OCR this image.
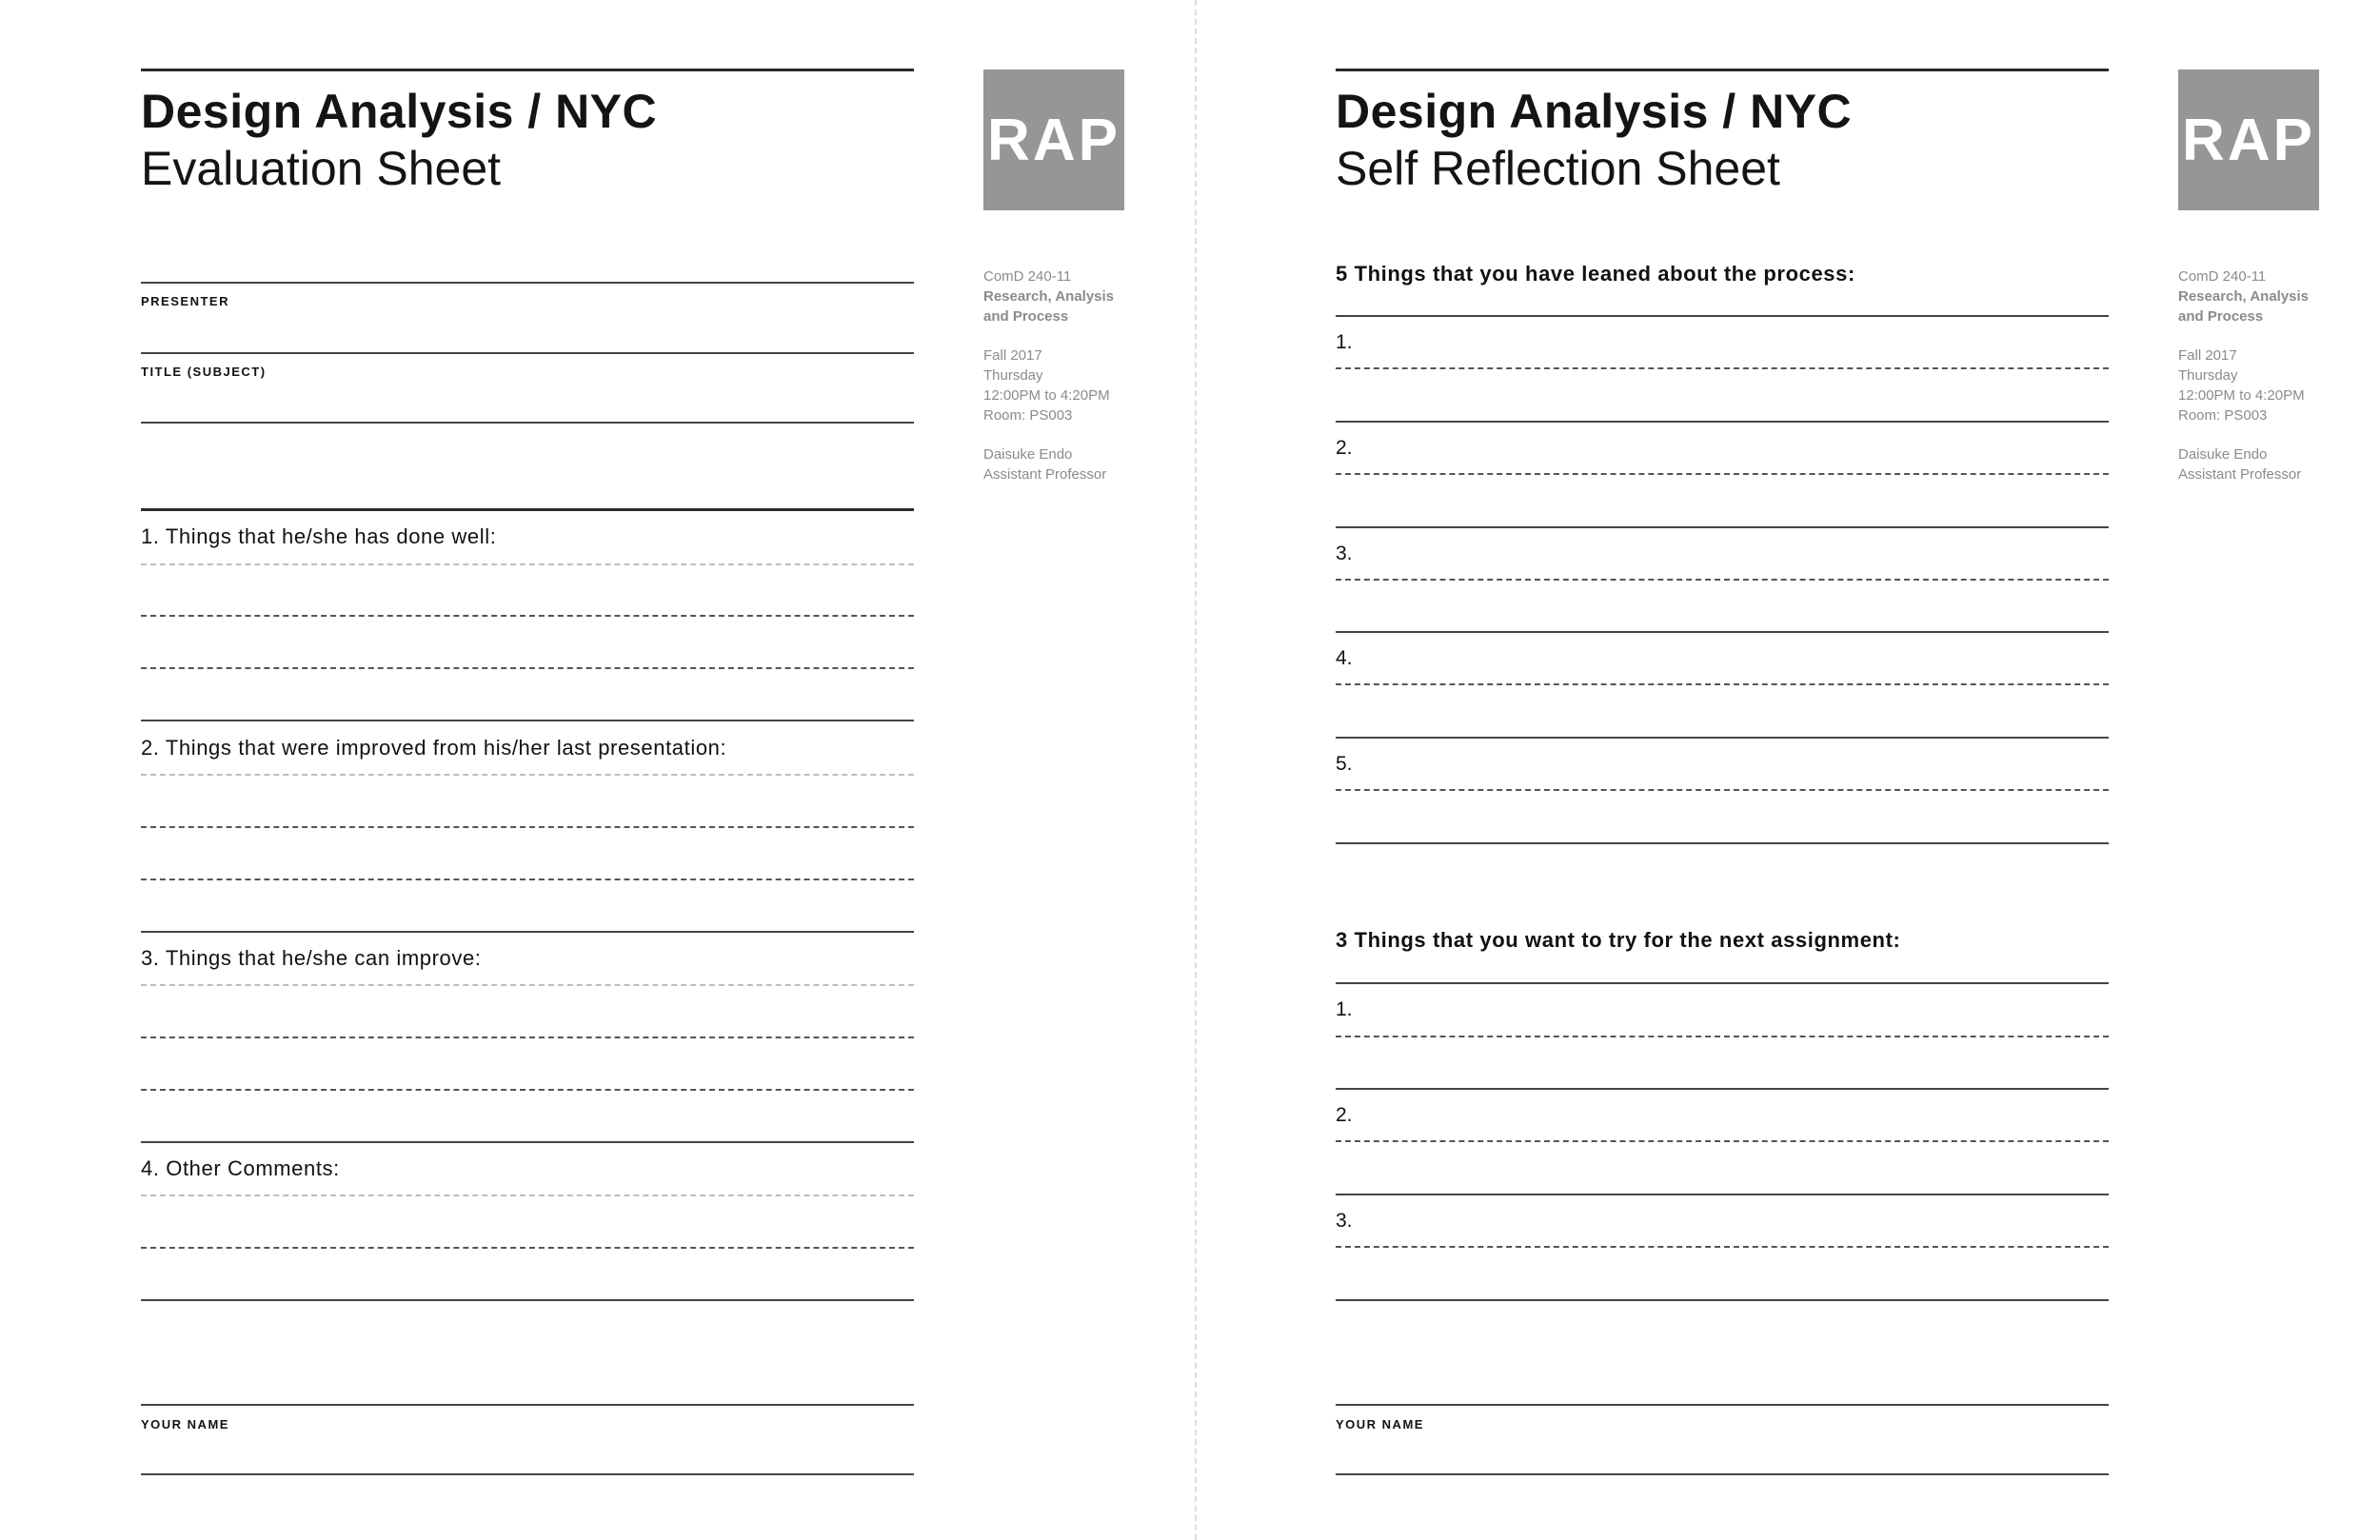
Design Analysis / NYC
Evaluation Sheet	RAP
ComD 240-11
Research, Analysis
and Process
Fall 2017
Thursday
12:00PM to 4:20PM
Room: PS003
Daisuke Endo
Assistant Professor
PRESENTER
TITLE (SUBJECT)
1. Things that he/she has done well:
2. Things that were improved from his/her last presentation:
3. Things that he/she can improve:
4. Other Comments:
YOUR NAME
Design Analysis / NYC
Self Reflection Sheet	RAP
ComD 240-11
Research, Analysis
and Process
Fall 2017
Thursday
12:00PM to 4:20PM
Room: PS003
Daisuke Endo
Assistant Professor
5 Things that you have leaned about the process:
1.
2.
3.
4.
5.
3 Things that you want to try for the next assignment:
1.
2.
3.
YOUR NAME
